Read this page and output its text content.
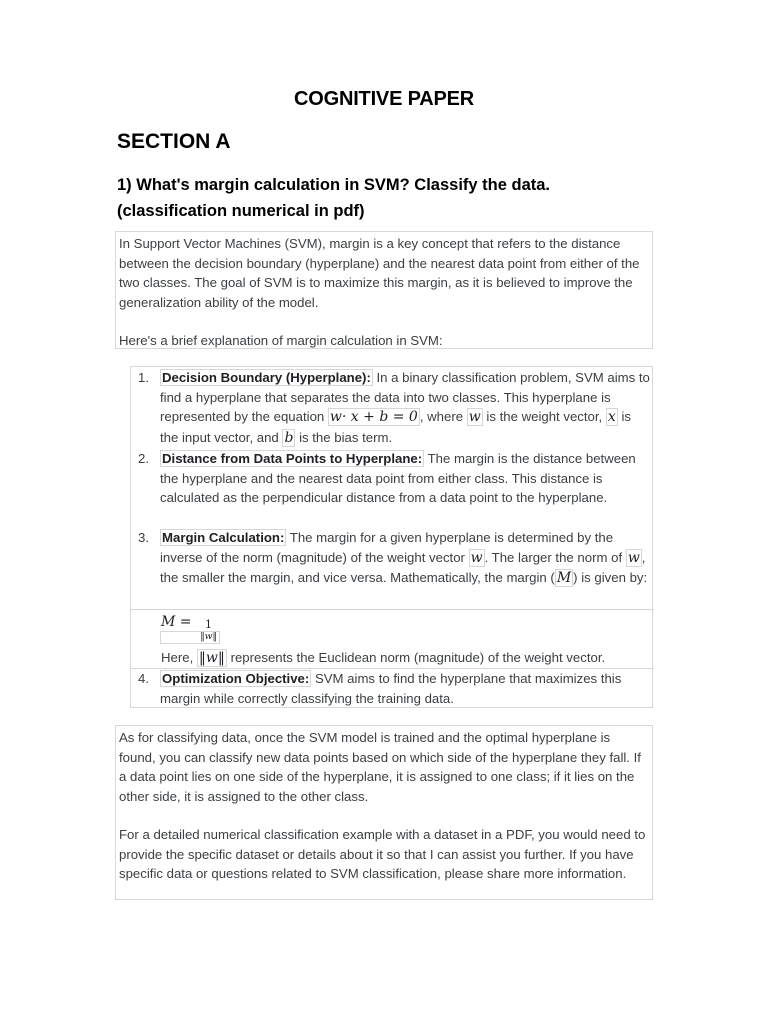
COGNITIVE PAPER
SECTION A
1) What's margin calculation in SVM? Classify the data.
(classification numerical in pdf)

In Support Vector Machines (SVM), margin is a key concept that refers to the distance between the decision boundary (hyperplane) and the nearest data point from either of the two classes. The goal of SVM is to maximize this margin, as it is believed to improve the generalization ability of the model.

Here's a brief explanation of margin calculation in SVM:

1. Decision Boundary (Hyperplane): In a binary classification problem, SVM aims to find a hyperplane that separates the data into two classes. This hyperplane is represented by the equation w· x + b = 0 , where w is the weight vector, x is the input vector, and b is the bias term.
2. Distance from Data Points to Hyperplane: The margin is the distance between the hyperplane and the nearest data point from either class. This distance is calculated as the perpendicular distance from a data point to the hyperplane.
3. Margin Calculation: The margin for a given hyperplane is determined by the inverse of the norm (magnitude) of the weight vector w . The larger the norm of w , the smaller the margin, and vice versa. Mathematically, the margin ( M ) is given by:
M = 1
‖w‖
Here, ‖w‖ represents the Euclidean norm (magnitude) of the weight vector.
4. Optimization Objective: SVM aims to find the hyperplane that maximizes this margin while correctly classifying the training data.

As for classifying data, once the SVM model is trained and the optimal hyperplane is found, you can classify new data points based on which side of the hyperplane they fall. If a data point lies on one side of the hyperplane, it is assigned to one class; if it lies on the other side, it is assigned to the other class.

For a detailed numerical classification example with a dataset in a PDF, you would need to provide the specific dataset or details about it so that I can assist you further. If you have specific data or questions related to SVM classification, please share more information.
